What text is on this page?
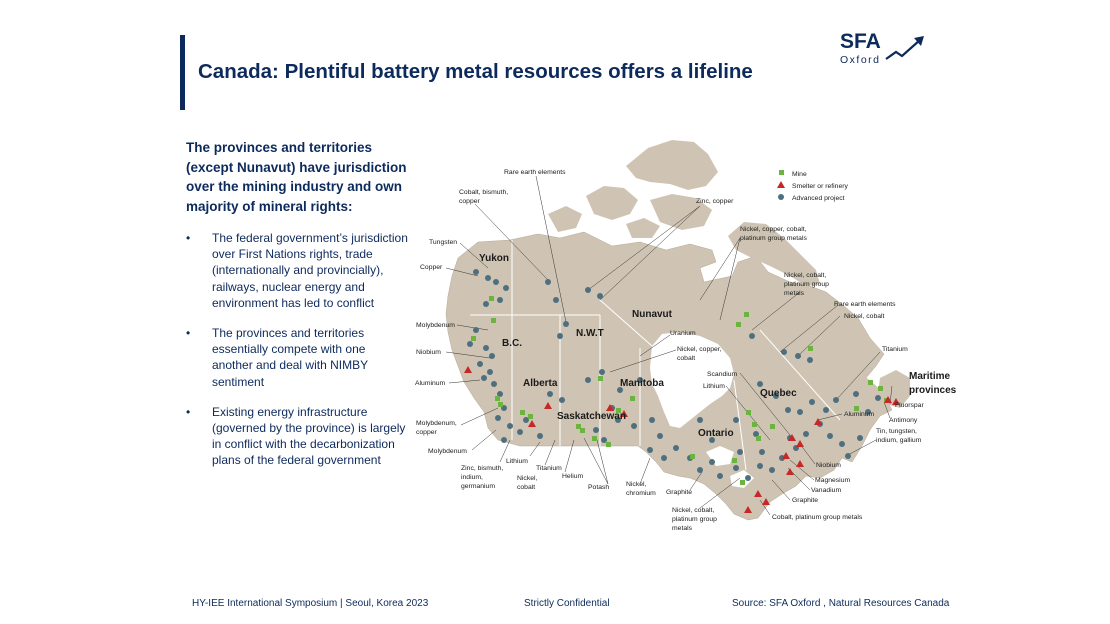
Canada: Plentiful battery metal resources offers a lifeline
SFA
Oxford

The provinces and territories (except Nunavut) have jurisdiction over the mining industry and own majority of mineral rights:

• The federal government’s jurisdiction over First Nations rights, trade (internationally and provincially), railways, nuclear energy and environment has led to conflict
• The provinces and territories essentially compete with one another and deal with NIMBY sentiment
• Existing energy infrastructure (governed by the province) is largely in conflict with the decarbonization plans of the federal government
Mine
Smelter or refinery
Advanced project
Yukon
N.W.T
Nunavut
B.C.
Alberta
Saskatchewan
Manitoba
Ontario
Quebec
Maritime
provinces
Rare earth elements
Cobalt, bismuth,
copper	Zinc, copper
Tungsten
Copper
Molybdenum
Niobium
Aluminum
Molybdenum,
copper
Molybdenum
Zinc, bismuth,
indium,
germanium
Lithium
Titanium
Nickel,
cobalt
Helium
Potash Nickel,
chromium Graphite
Nickel, cobalt,
platinum group
metals
Uranium
Nickel, copper,
cobalt
Nickel, copper, cobalt,
platinum group metals
Nickel, cobalt,
platinum group
metals
Rare earth elements
Nickel, cobalt
Titanium
Scandium
Lithium
Fluorspar
Aluminum
Antimony
Tin, tungsten,
indium, gallium
Niobium
Magnesium
Vanadium
Graphite
Cobalt, platinum group metals
HY-IEE International Symposium | Seoul, Korea 2023	Strictly Confidential	Source: SFA Oxford , Natural Resources Canada
